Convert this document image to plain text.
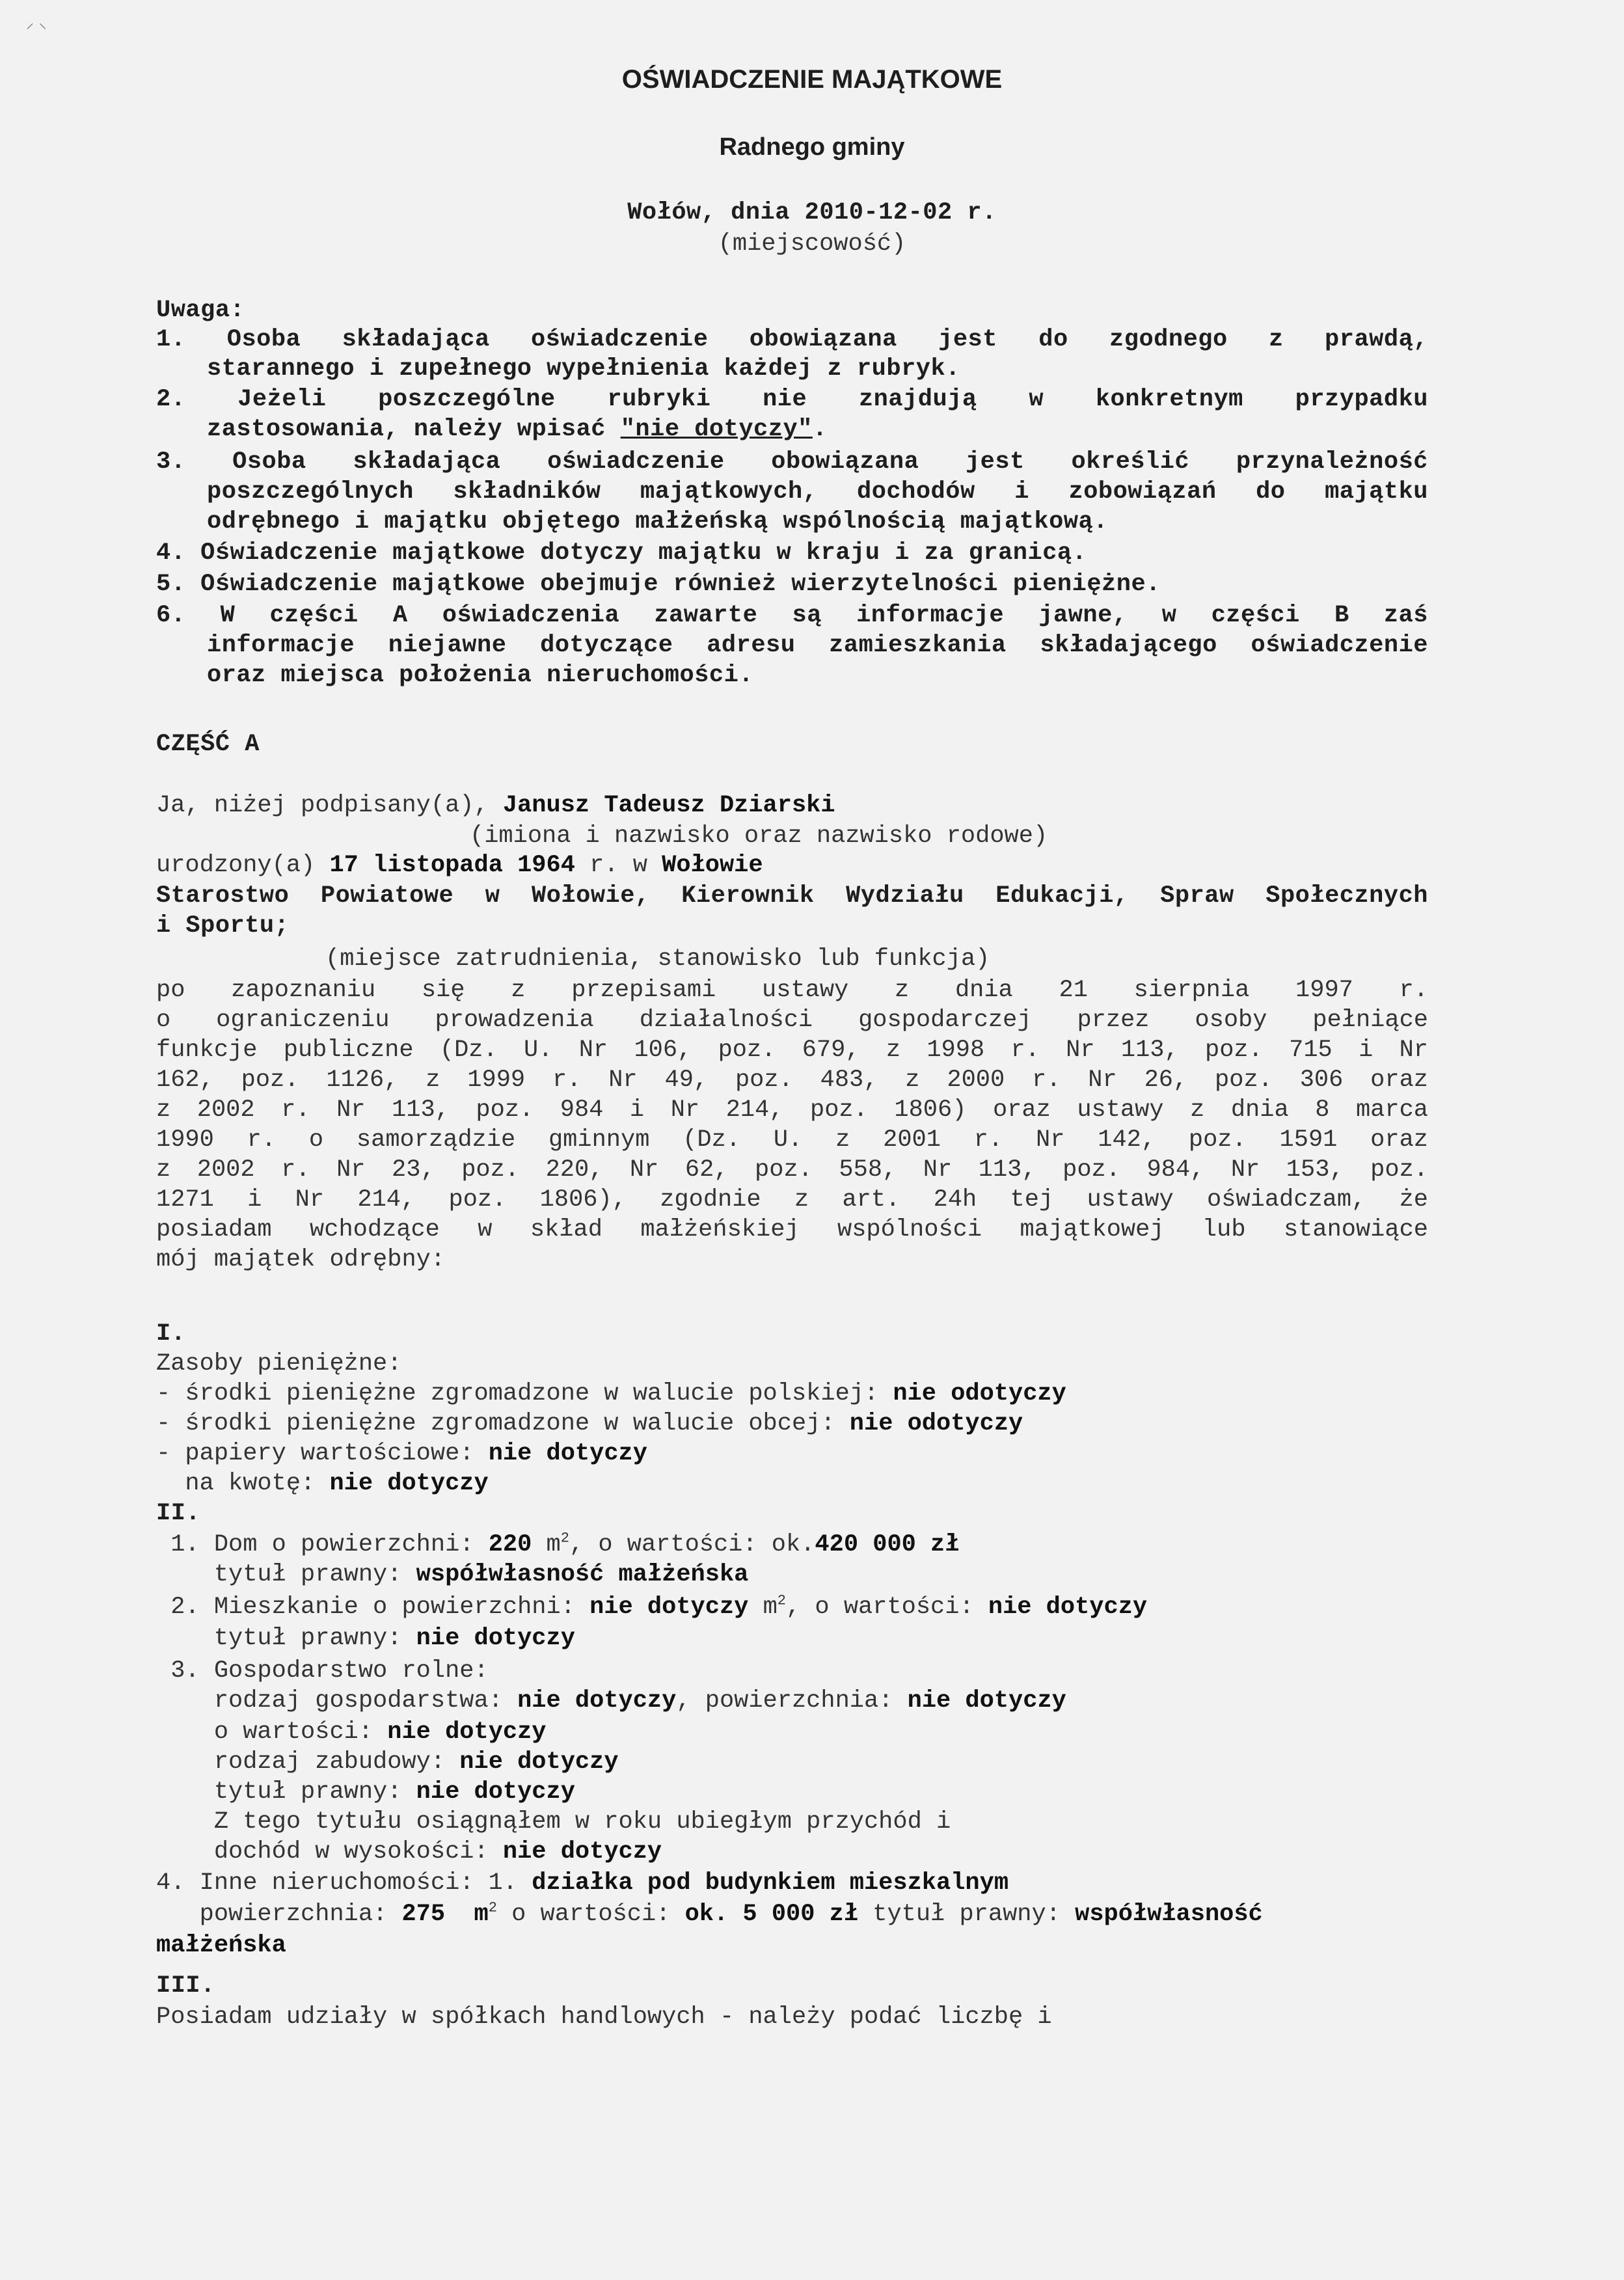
⸍ ⸌
OŚWIADCZENIE MAJĄTKOWE
Radnego gminy
Wołów, dnia 2010-12-02 r.
(miejscowość)
Uwaga:
1. Osoba składająca oświadczenie obowiązana jest do zgodnego z prawdą,
starannego i zupełnego wypełnienia każdej z rubryk.
2. Jeżeli poszczególne rubryki nie znajdują w konkretnym przypadku
zastosowania, należy wpisać "nie dotyczy".
3. Osoba składająca oświadczenie obowiązana jest określić przynależność
poszczególnych składników majątkowych, dochodów i zobowiązań do majątku
odrębnego i majątku objętego małżeńską wspólnością majątkową.
4. Oświadczenie majątkowe dotyczy majątku w kraju i za granicą.
5. Oświadczenie majątkowe obejmuje również wierzytelności pieniężne.
6. W części A oświadczenia zawarte są informacje jawne, w części B zaś
informacje niejawne dotyczące adresu zamieszkania składającego oświadczenie
oraz miejsca położenia nieruchomości.
CZĘŚĆ A
Ja, niżej podpisany(a), Janusz Tadeusz Dziarski
(imiona i nazwisko oraz nazwisko rodowe)
urodzony(a) 17 listopada 1964 r. w Wołowie
Starostwo Powiatowe w Wołowie, Kierownik Wydziału Edukacji, Spraw Społecznych
i Sportu;
(miejsce zatrudnienia, stanowisko lub funkcja)
po zapoznaniu się z przepisami ustawy z dnia 21 sierpnia 1997 r.
o ograniczeniu prowadzenia działalności gospodarczej przez osoby pełniące
funkcje publiczne (Dz. U. Nr 106, poz. 679, z 1998 r. Nr 113, poz. 715 i Nr
162, poz. 1126, z 1999 r. Nr 49, poz. 483, z 2000 r. Nr 26, poz. 306 oraz
z 2002 r. Nr 113, poz. 984 i Nr 214, poz. 1806) oraz ustawy z dnia 8 marca
1990 r. o samorządzie gminnym (Dz. U. z 2001 r. Nr 142, poz. 1591 oraz
z 2002 r. Nr 23, poz. 220, Nr 62, poz. 558, Nr 113, poz. 984, Nr 153, poz.
1271 i Nr 214, poz. 1806), zgodnie z art. 24h tej ustawy oświadczam, że
posiadam wchodzące w skład małżeńskiej wspólności majątkowej lub stanowiące
mój majątek odrębny:
I.
Zasoby pieniężne:
- środki pieniężne zgromadzone w walucie polskiej: nie odotyczy
- środki pieniężne zgromadzone w walucie obcej: nie odotyczy
- papiery wartościowe: nie dotyczy
na kwotę: nie dotyczy
II.
1. Dom o powierzchni: 220 $m^2$, o wartości: ok.420 000 zł
tytuł prawny: współwłasność małżeńska
2. Mieszkanie o powierzchni: nie dotyczy $m^2$, o wartości: nie dotyczy
tytuł prawny: nie dotyczy
3. Gospodarstwo rolne:
rodzaj gospodarstwa: nie dotyczy, powierzchnia: nie dotyczy
o wartości: nie dotyczy
rodzaj zabudowy: nie dotyczy
tytuł prawny: nie dotyczy
Z tego tytułu osiągnąłem w roku ubiegłym przychód i
dochód w wysokości: nie dotyczy
4. Inne nieruchomości: 1. działka pod budynkiem mieszkalnym
powierzchnia: 275 $m^2$ o wartości: ok. 5 000 zł tytuł prawny: współwłasność
małżeńska
III.
Posiadam udziały w spółkach handlowych - należy podać liczbę i
